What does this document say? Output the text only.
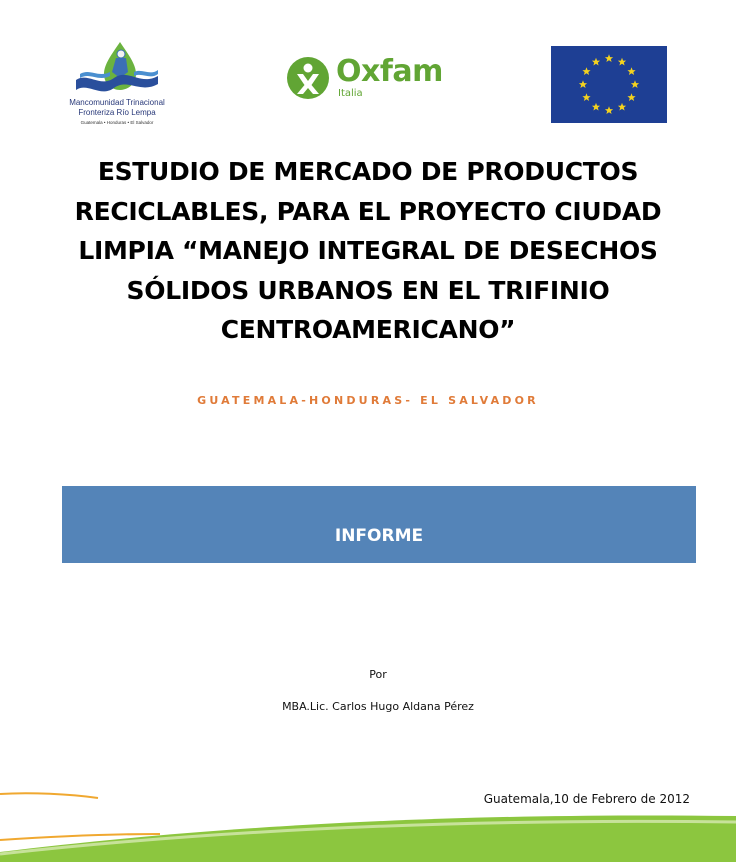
Mancomunidad Trinacional
Fronteriza Río Lempa
Guatemala • Honduras • El Salvador
Oxfam
Italia
ESTUDIO DE MERCADO DE PRODUCTOS
RECICLABLES, PARA EL PROYECTO CIUDAD
LIMPIA “MANEJO INTEGRAL DE DESECHOS
SÓLIDOS URBANOS EN EL TRIFINIO
CENTROAMERICANO”
GUATEMALA-HONDURAS- EL SALVADOR
INFORME
Por
MBA.Lic. Carlos Hugo Aldana Pérez
Guatemala,10 de Febrero de 2012
